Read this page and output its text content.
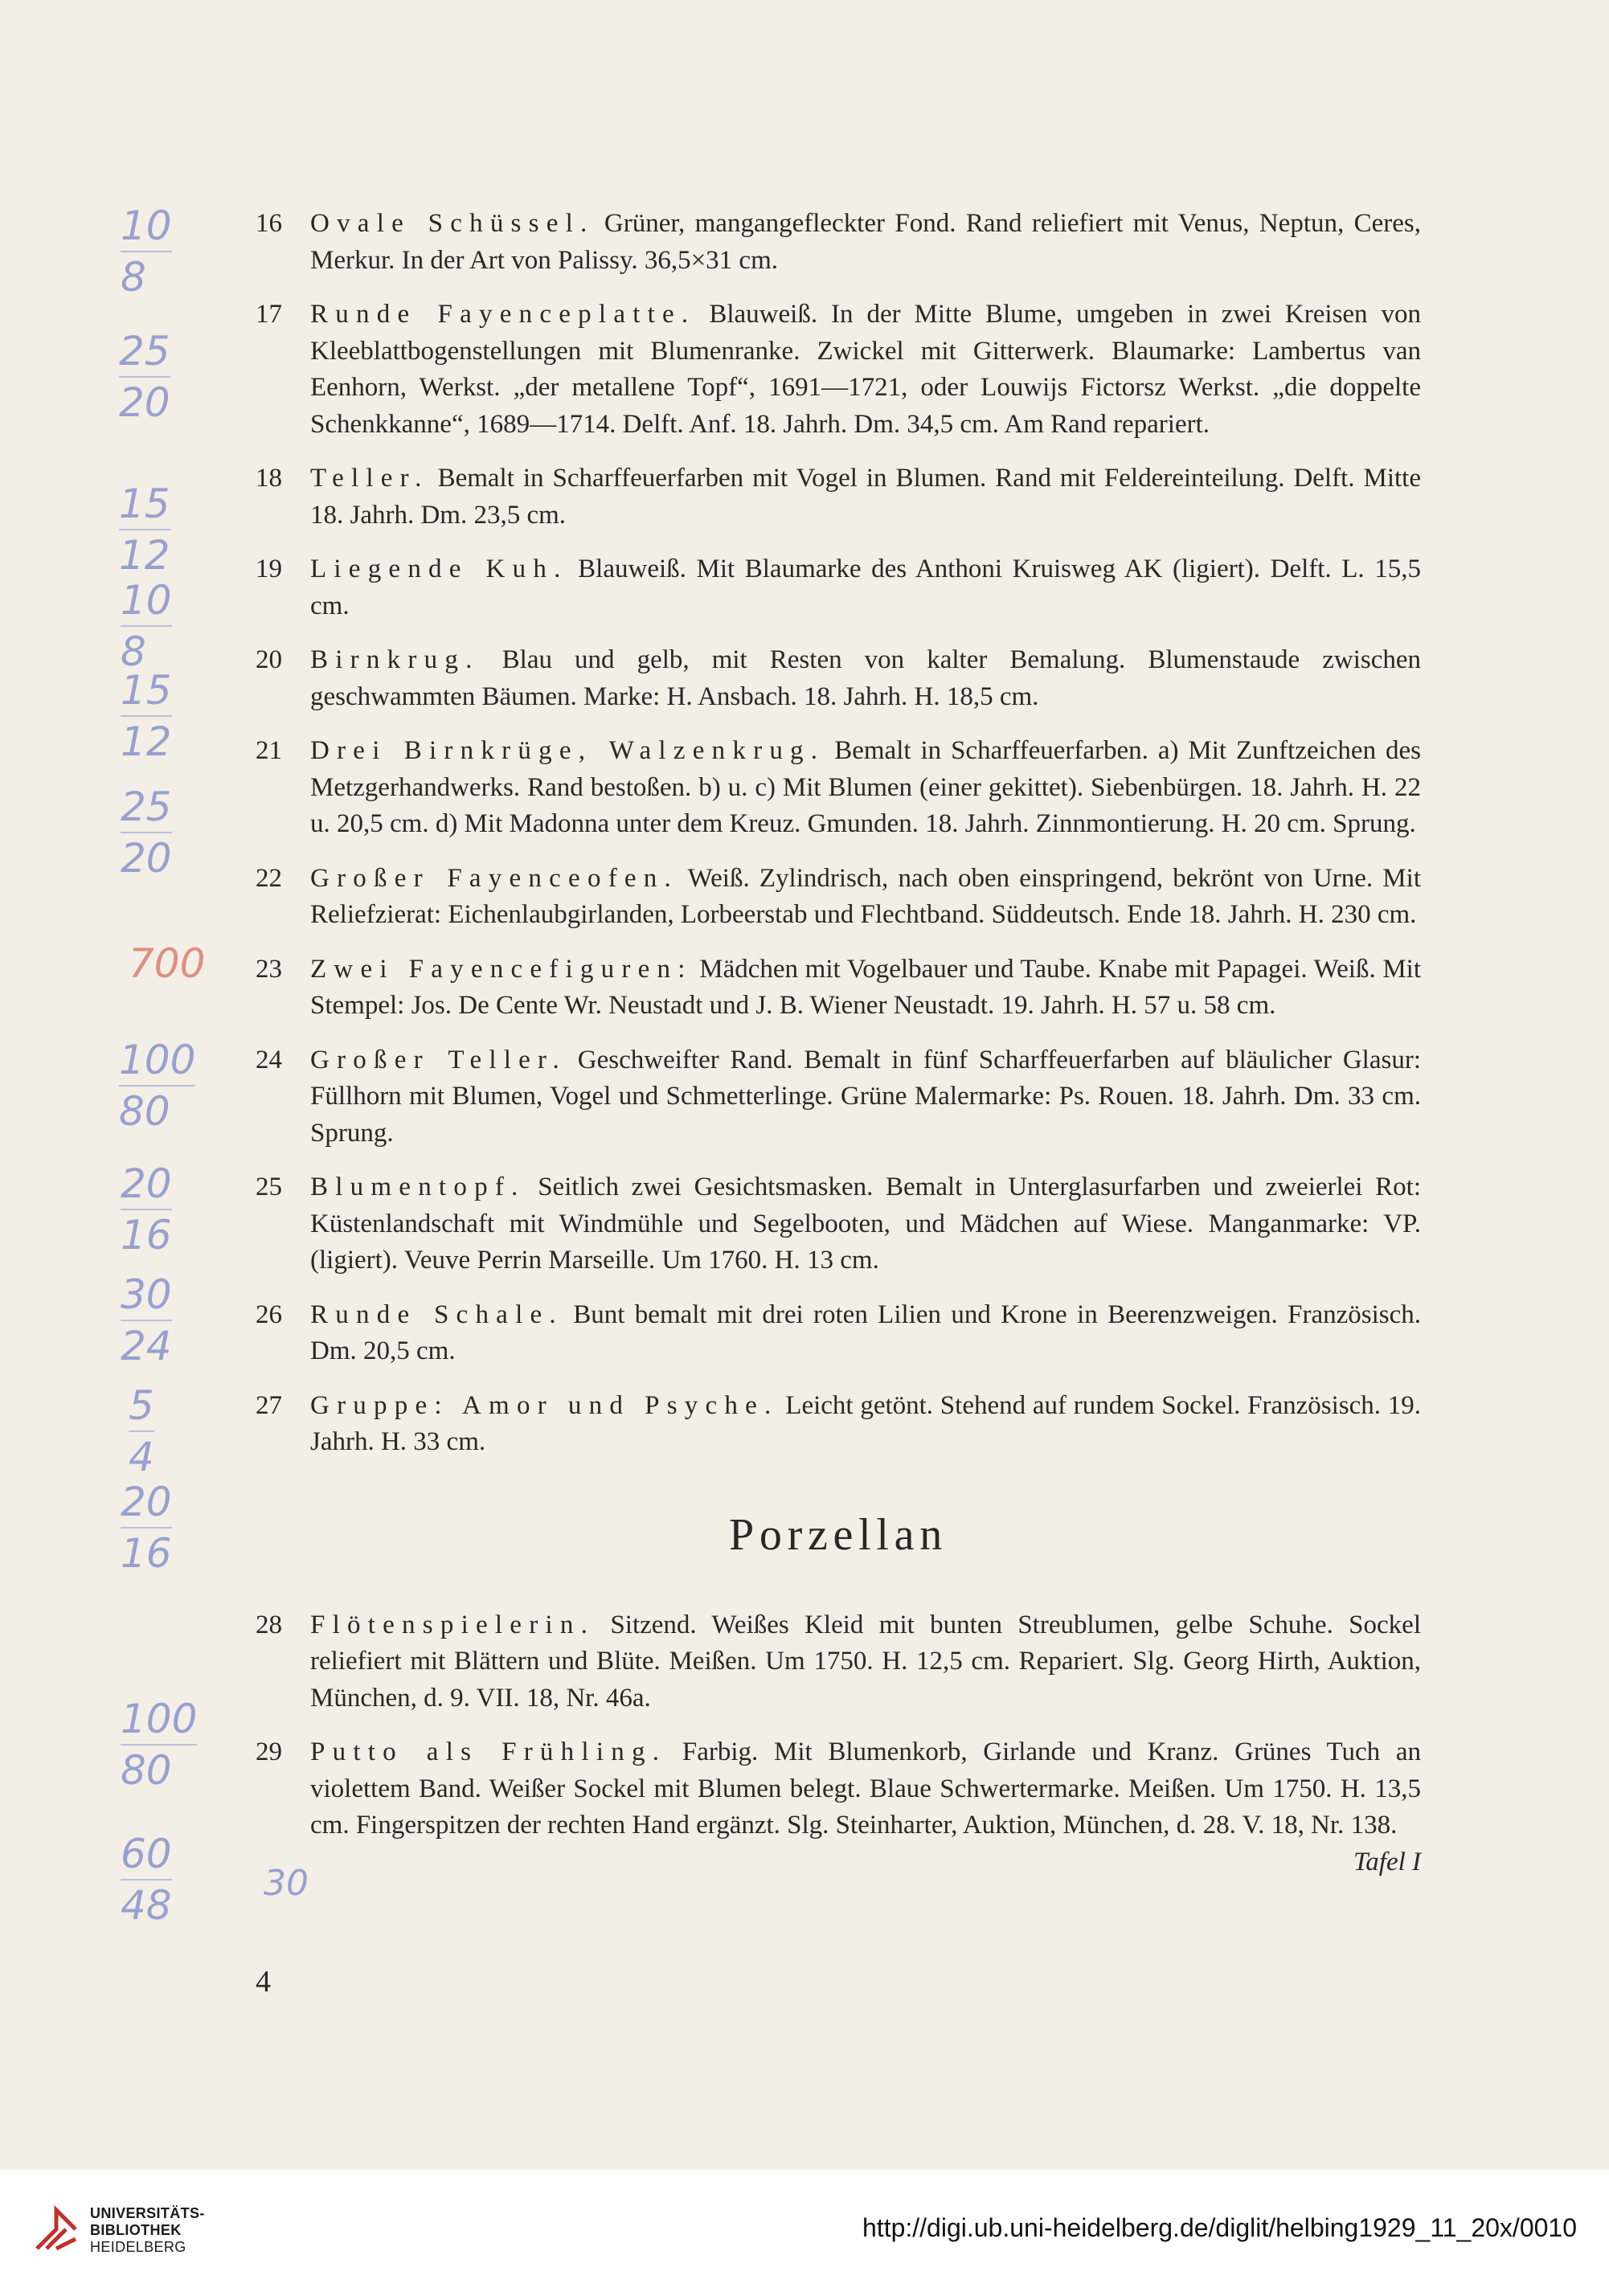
10
8
25
20
15
12
10
8
15
12
25
20
700
100
80
20
16
30
24
5
4
20
16
100
80
60
48	30
16	Ovale Schüssel. Grüner, mangangefleckter Fond. Rand reliefiert mit Venus, Neptun, Ceres, Merkur. In der Art von Palissy. 36,5×31 cm.
17	Runde Fayenceplatte. Blauweiß. In der Mitte Blume, umgeben in zwei Kreisen von Kleeblattbogenstellungen mit Blumenranke. Zwickel mit Gitterwerk. Blaumarke: Lambertus van Eenhorn, Werkst. „der metallene Topf“, 1691—1721, oder Louwijs Fictorsz Werkst. „die doppelte Schenkkanne“, 1689—1714. Delft. Anf. 18. Jahrh. Dm. 34,5 cm. Am Rand repariert.
18	Teller. Bemalt in Scharffeuerfarben mit Vogel in Blumen. Rand mit Feldereinteilung. Delft. Mitte 18. Jahrh. Dm. 23,5 cm.
19	Liegende Kuh. Blauweiß. Mit Blaumarke des Anthoni Kruisweg AK (ligiert). Delft. L. 15,5 cm.
20	Birnkrug. Blau und gelb, mit Resten von kalter Bemalung. Blumenstaude zwischen geschwammten Bäumen. Marke: H. Ansbach. 18. Jahrh. H. 18,5 cm.
21	Drei Birnkrüge, Walzenkrug. Bemalt in Scharffeuerfarben. a) Mit Zunftzeichen des Metzgerhandwerks. Rand bestoßen. b) u. c) Mit Blumen (einer gekittet). Siebenbürgen. 18. Jahrh. H. 22 u. 20,5 cm. d) Mit Madonna unter dem Kreuz. Gmunden. 18. Jahrh. Zinnmontierung. H. 20 cm. Sprung.
22	Großer Fayenceofen. Weiß. Zylindrisch, nach oben einspringend, bekrönt von Urne. Mit Reliefzierat: Eichenlaubgirlanden, Lorbeerstab und Flechtband. Süddeutsch. Ende 18. Jahrh. H. 230 cm.
23	Zwei Fayencefiguren: Mädchen mit Vogelbauer und Taube. Knabe mit Papagei. Weiß. Mit Stempel: Jos. De Cente Wr. Neustadt und J. B. Wiener Neustadt. 19. Jahrh. H. 57 u. 58 cm.
24	Großer Teller. Geschweifter Rand. Bemalt in fünf Scharffeuerfarben auf bläulicher Glasur: Füllhorn mit Blumen, Vogel und Schmetterlinge. Grüne Malermarke: Ps. Rouen. 18. Jahrh. Dm. 33 cm. Sprung.
25	Blumentopf. Seitlich zwei Gesichtsmasken. Bemalt in Unterglasurfarben und zweierlei Rot: Küstenlandschaft mit Windmühle und Segelbooten, und Mädchen auf Wiese. Manganmarke: VP. (ligiert). Veuve Perrin Marseille. Um 1760. H. 13 cm.
26	Runde Schale. Bunt bemalt mit drei roten Lilien und Krone in Beerenzweigen. Französisch. Dm. 20,5 cm.
27	Gruppe: Amor und Psyche. Leicht getönt. Stehend auf rundem Sockel. Französisch. 19. Jahrh. H. 33 cm.
Porzellan
28	Flötenspielerin. Sitzend. Weißes Kleid mit bunten Streublumen, gelbe Schuhe. Sockel reliefiert mit Blättern und Blüte. Meißen. Um 1750. H. 12,5 cm. Repariert. Slg. Georg Hirth, Auktion, München, d. 9. VII. 18, Nr. 46a.
29	Putto als Frühling. Farbig. Mit Blumenkorb, Girlande und Kranz. Grünes Tuch an violettem Band. Weißer Sockel mit Blumen belegt. Blaue Schwertermarke. Meißen. Um 1750. H. 13,5 cm. Fingerspitzen der rechten Hand ergänzt. Slg. Steinharter, Auktion, München, d. 28. V. 18, Nr. 138.
Tafel I
4
UNIVERSITÄTS-
BIBLIOTHEK
HEIDELBERG
http://digi.ub.uni-heidelberg.de/diglit/helbing1929_11_20x/0010
